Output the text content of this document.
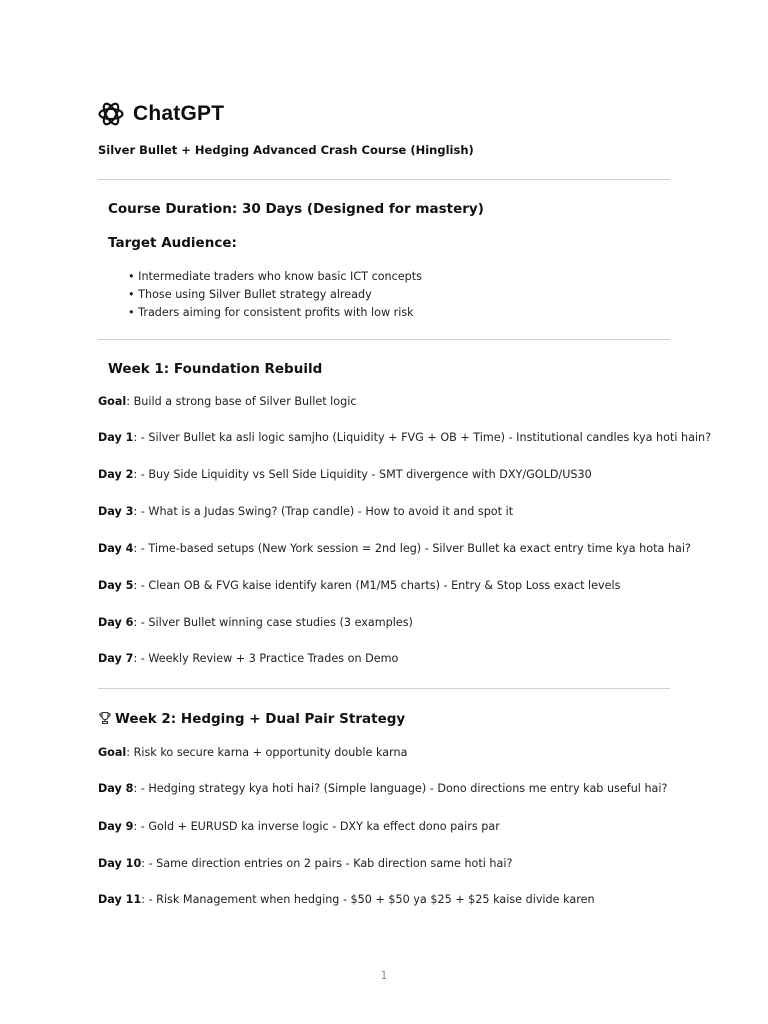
ChatGPT
Silver Bullet + Hedging Advanced Crash Course (Hinglish)
Course Duration: 30 Days (Designed for mastery)
Target Audience:
• Intermediate traders who know basic ICT concepts
• Those using Silver Bullet strategy already
• Traders aiming for consistent profits with low risk
Week 1: Foundation Rebuild
Goal: Build a strong base of Silver Bullet logic
Day 1: - Silver Bullet ka asli logic samjho (Liquidity + FVG + OB + Time) - Institutional candles kya hoti hain?
Day 2: - Buy Side Liquidity vs Sell Side Liquidity - SMT divergence with DXY/GOLD/US30
Day 3: - What is a Judas Swing? (Trap candle) - How to avoid it and spot it
Day 4: - Time-based setups (New York session = 2nd leg) - Silver Bullet ka exact entry time kya hota hai?
Day 5: - Clean OB & FVG kaise identify karen (M1/M5 charts) - Entry & Stop Loss exact levels
Day 6: - Silver Bullet winning case studies (3 examples)
Day 7: - Weekly Review + 3 Practice Trades on Demo
Week 2: Hedging + Dual Pair Strategy
Goal: Risk ko secure karna + opportunity double karna
Day 8: - Hedging strategy kya hoti hai? (Simple language) - Dono directions me entry kab useful hai?
Day 9: - Gold + EURUSD ka inverse logic - DXY ka effect dono pairs par
Day 10: - Same direction entries on 2 pairs - Kab direction same hoti hai?
Day 11: - Risk Management when hedging - $50 + $50 ya $25 + $25 kaise divide karen
1
